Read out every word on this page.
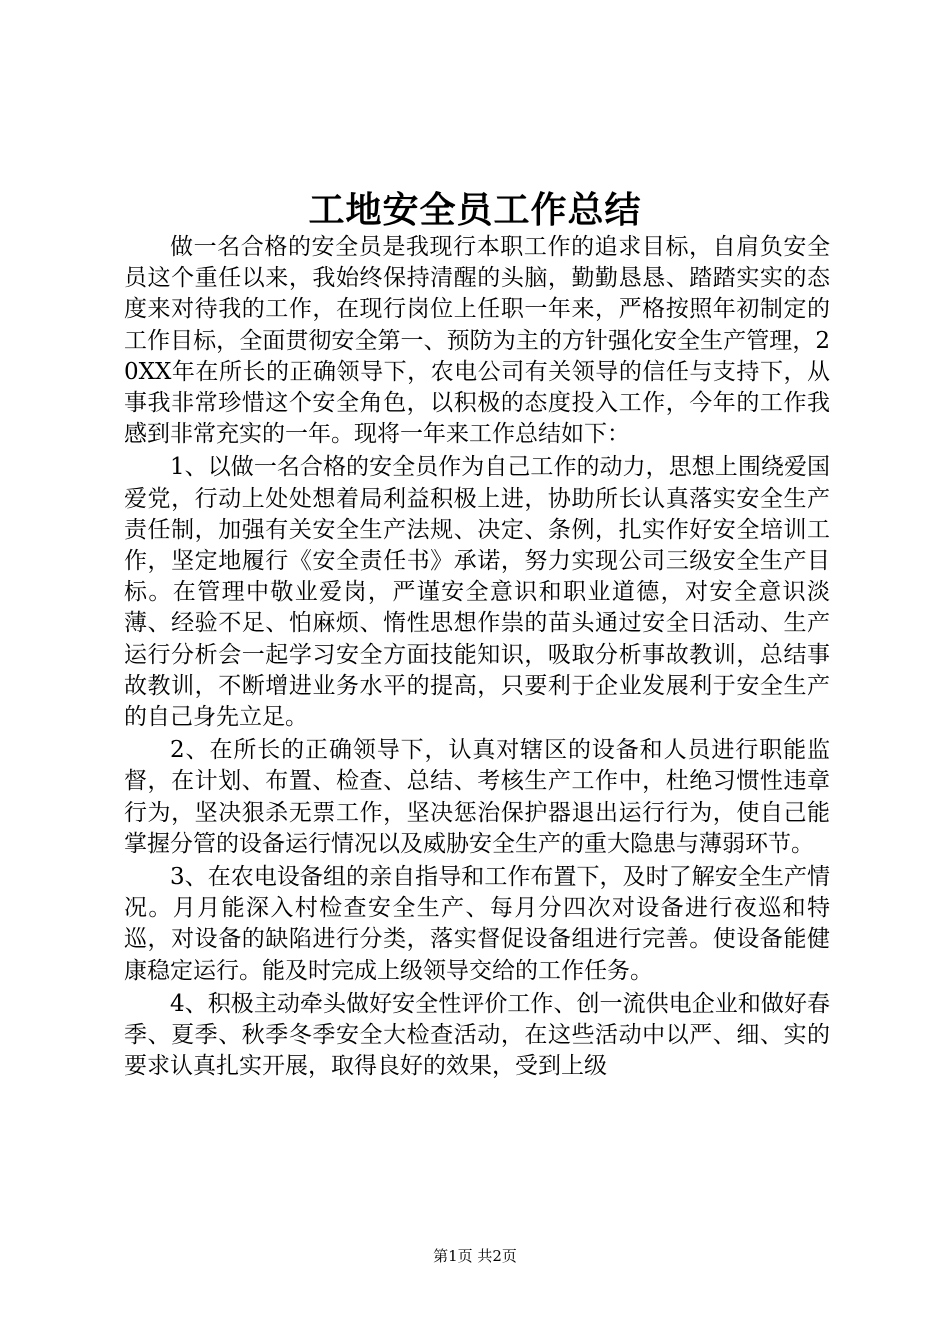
工地安全员工作总结

做一名合格的安全员是我现行本职工作的追求目标，自肩负安全员这个重任以来，我始终保持清醒的头脑，勤勤恳恳、踏踏实实的态度来对待我的工作，在现行岗位上任职一年来，严格按照年初制定的工作目标，全面贯彻安全第一、预防为主的方针强化安全生产管理，20XX年在所长的正确领导下，农电公司有关领导的信任与支持下，从事我非常珍惜这个安全角色，以积极的态度投入工作，今年的工作我感到非常充实的一年。现将一年来工作总结如下：

1、以做一名合格的安全员作为自己工作的动力，思想上围绕爱国爱党，行动上处处想着局利益积极上进，协助所长认真落实安全生产责任制，加强有关安全生产法规、决定、条例，扎实作好安全培训工作，坚定地履行《安全责任书》承诺，努力实现公司三级安全生产目标。在管理中敬业爱岗，严谨安全意识和职业道德，对安全意识淡薄、经验不足、怕麻烦、惰性思想作祟的苗头通过安全日活动、生产运行分析会一起学习安全方面技能知识，吸取分析事故教训，总结事故教训，不断增进业务水平的提高，只要利于企业发展利于安全生产的自己身先立足。

2、在所长的正确领导下，认真对辖区的设备和人员进行职能监督，在计划、布置、检查、总结、考核生产工作中，杜绝习惯性违章行为，坚决狠杀无票工作，坚决惩治保护器退出运行行为，使自己能掌握分管的设备运行情况以及威胁安全生产的重大隐患与薄弱环节。

3、在农电设备组的亲自指导和工作布置下，及时了解安全生产情况。月月能深入村检查安全生产、每月分四次对设备进行夜巡和特巡，对设备的缺陷进行分类，落实督促设备组进行完善。使设备能健康稳定运行。能及时完成上级领导交给的工作任务。

4、积极主动牵头做好安全性评价工作、创一流供电企业和做好春季、夏季、秋季冬季安全大检查活动，在这些活动中以严、细、实的要求认真扎实开展，取得良好的效果，受到上级

第1页 共2页
